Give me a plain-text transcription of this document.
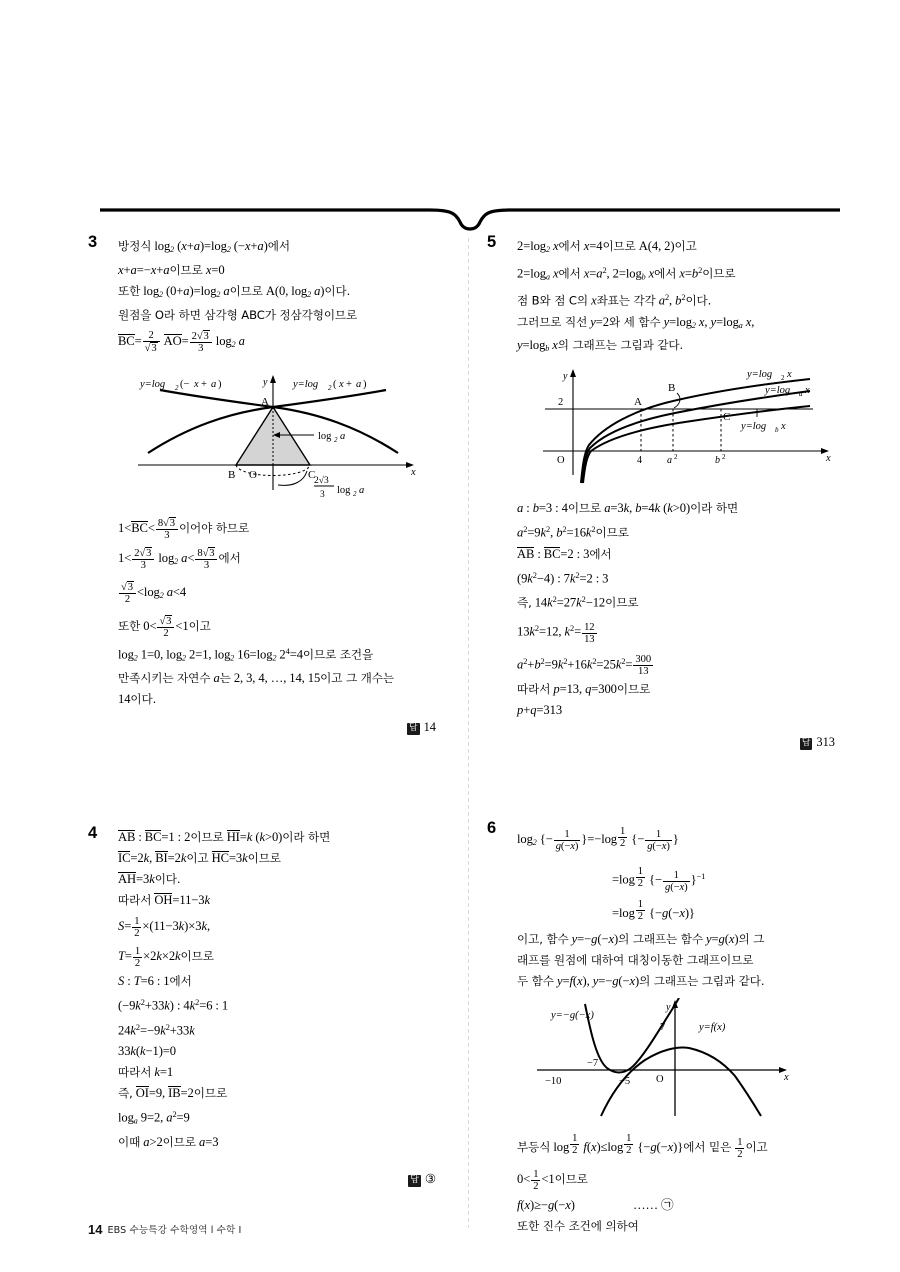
3 방정식 $\log_2 (x+a)=\log_2$ (−x+a)에서
x+a=−x+a이므로 x=0
또한 $\log_2 (0+a)=\log_2$ a이므로 A(0, $\log_2 a$)이다.
원점을 O라 하면 삼각형 ABC가 정삼각형이므로
$BC= \frac{2}{√3} AO= \frac{2√3}{3} \log_2 a$
y=log 2 (− x + a )	y=log 2 ( x + a )
y
x
A
B O	C
log 2 a
2√3
3 log 2 a
$1<BC< \frac{8√3}{3}$ 이어야 하므로
$1< \frac{2√3}{3} \log_2 a< \frac{8√3}{3}$ 에서
$\frac{√3}{2} <\log_2$ a<4
또한 $0< \frac{√3}{2} <1$이고
$\log_2 1=0$, $\log_2 2=1$, $\log_2 16=\log_2$ $2^4=4$이므로 조건을
만족시키는 자연수 a는 2, 3, 4, …, 14, 15이고 그 개수는
14이다.
답 14
4 AB : BC=1 : 2이므로 HI=k (k>0)이라 하면
IC=2k, BI=2k이고 HC=3k이므로
AH=3k이다.
따라서 OH=11−3k
$S= \frac{1}{2} \times(11-3k)\times 3k$,
$T= \frac{1}{2} \times 2k\times 2k$이므로
S : T=6 : 1에서
$(-9k^2+33k)$ : $4k^2=6$ : 1
$24k^2=-9k^2+33k$
33k(k−1)=0
따라서 k=1
즉, OI=9, IB=2이므로
$\log_a 9=2$, $a^2=9$
이때 a>2이므로 a=3
답 ③
5 $2=\log_2$ x에서 x=4이므로 A(4, 2)이고
$2=\log_a$ x에서 $x=a^2$, $2=\log_b$ x에서 $x=b^2$이므로
점 B와 점 C의 x좌표는 각각 $a^2$, $b^2$이다.
그러므로 직선 y=2와 세 함수 $y=\log_2$ x, $y=\log_a$ x,
$y=\log_b$ x의 그래프는 그림과 같다.
y
x
O
2	A
B
C
4	a 2	b 2
y=log 2 x
y=log a x
y=log b x
a : b=3 : 4이므로 a=3k, b=4k (k>0)이라 하면
$a^2=9k^2$, $b^2=16k^2$이므로
AB : BC=2 : 3에서
$(9k^2-4)$ : $7k^2=2$ : 3
즉, $14k^2=27k^2-12$이므로
$13k^2=12$, $k^2= \frac{12}{13}$
$a^2+b^2=9k^2+16k^2=25k^2= \frac{300}{13}$
따라서 p=13, q=300이므로
p+q=313
답 313
6
$\log_2$ {− $\frac{1}{g(-x)} \}=-\log \frac{1}{2}$ {− $\frac{1}{g(-x)}$ }
$=\log \frac{1}{2}$ {− $\frac{1}{g(-x)} \}^{-1}$
$=\log \frac{1}{2} \{-g(-x)\}$
이고, 함수 y=−g(−x)의 그래프는 함수 y=g(x)의 그
래프를 원점에 대하여 대칭이동한 그래프이므로
두 함수 y=f(x), y=−g(−x)의 그래프는 그림과 같다.
y
x
O
−10
−7
−5
7
y=−g(−x)
y=f(x)
부등식 $\log \frac{1}{2} f(x)\le\log \frac{1}{2} \{-g(-x)\}$에서 밑은 $\frac{1}{2}$ 이고
$0< \frac{1}{2} <1$이므로
f(x)≥−g(−x)	…… ㉠
또한 진수 조건에 의하여
14 EBS 수능특강 수학영역 l 수학 I
